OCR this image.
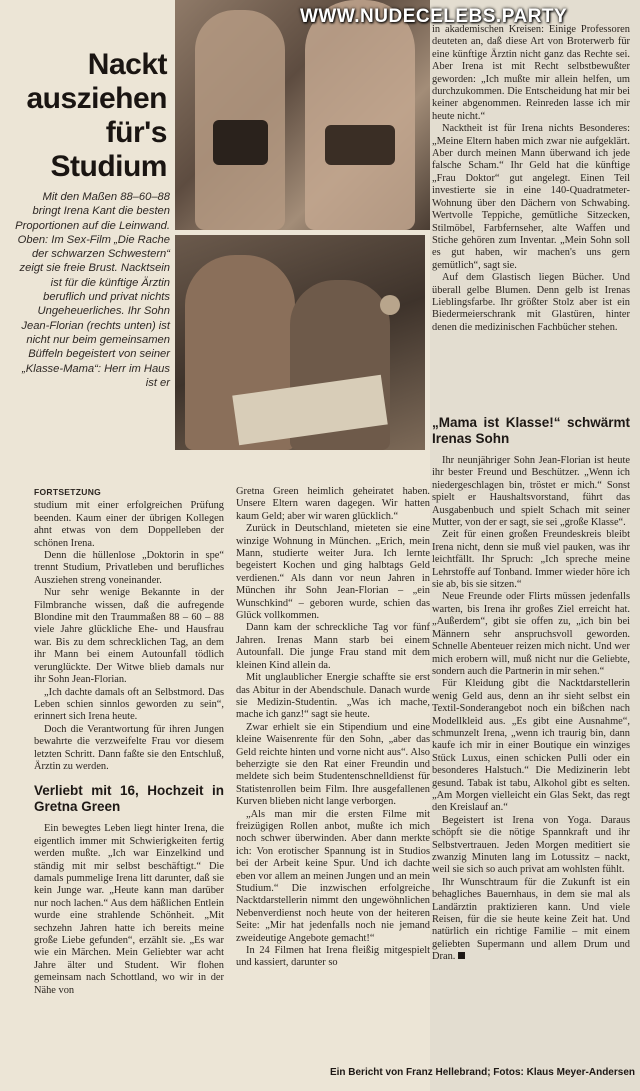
WWW.NUDECELEBS.PARTY
Nackt
ausziehen
für's
Studium
Mit den Maßen 88–60–88 bringt Irena Kant die besten Proportionen auf die Leinwand. Oben: Im Sex-Film „Die Rache der schwarzen Schwestern“ zeigt sie freie Brust. Nacktsein ist für die künftige Ärztin beruflich und privat nichts Ungeheuerliches. Ihr Sohn Jean-Florian (rechts unten) ist nicht nur beim gemeinsamen Büffeln begeistert von seiner „Klasse-Mama“: Herr im Haus ist er

in akademischen Kreisen: Einige Professoren deuteten an, daß diese Art von Broterwerb für eine künftige Ärztin nicht ganz das Rechte sei. Aber Irena ist mit Recht selbstbewußter geworden: „Ich mußte mir allein helfen, um durchzukommen. Die Entscheidung hat mir bei keiner abgenommen. Reinreden lasse ich mir heute nicht.“

Nacktheit ist für Irena nichts Besonderes: „Meine Eltern haben mich zwar nie aufgeklärt. Aber durch meinen Mann überwand ich jede falsche Scham.“ Ihr Geld hat die künftige „Frau Doktor“ gut angelegt. Einen Teil investierte sie in eine 140-Quadratmeter-Wohnung über den Dächern von Schwabing. Wertvolle Teppiche, gemütliche Sitzecken, Stilmöbel, Farbfernseher, alte Waffen und Stiche gehören zum Inventar. „Mein Sohn soll es gut haben, wir machen's uns gern gemütlich“, sagt sie.

Auf dem Glastisch liegen Bücher. Und überall gelbe Blumen. Denn gelb ist Irenas Lieblingsfarbe. Ihr größter Stolz aber ist ein Biedermeierschrank mit Glastüren, hinter denen die medizinischen Fachbücher stehen.

„Mama ist Klasse!“ schwärmt Irenas Sohn

Ihr neunjähriger Sohn Jean-Florian ist heute ihr bester Freund und Beschützer. „Wenn ich niedergeschlagen bin, tröstet er mich.“ Sonst spielt er Haushaltsvorstand, führt das Ausgabenbuch und spielt Schach mit seiner Mutter, von der er sagt, sie sei „große Klasse“.

Zeit für einen großen Freundeskreis bleibt Irena nicht, denn sie muß viel pauken, was ihr leichtfällt. Ihr Spruch: „Ich spreche meine Lehrstoffe auf Tonband. Immer wieder höre ich sie ab, bis sie sitzen.“

Neue Freunde oder Flirts müssen jedenfalls warten, bis Irena ihr großes Ziel erreicht hat. „Außerdem“, gibt sie offen zu, „ich bin bei Männern sehr anspruchsvoll geworden. Schnelle Abenteuer reizen mich nicht. Und wer mich erobern will, muß nicht nur die Geliebte, sondern auch die Partnerin in mir sehen.“

Für Kleidung gibt die Nacktdarstellerin wenig Geld aus, denn an ihr sieht selbst ein Textil-Sonderangebot noch ein bißchen nach Modellkleid aus. „Es gibt eine Ausnahme“, schmunzelt Irena, „wenn ich traurig bin, dann kaufe ich mir in einer Boutique ein winziges Stück Luxus, einen schicken Pulli oder ein besonderes Halstuch.“ Die Medizinerin lebt gesund. Tabak ist tabu, Alkohol gibt es selten. „Am Morgen vielleicht ein Glas Sekt, das regt den Kreislauf an.“

Begeistert ist Irena von Yoga. Daraus schöpft sie die nötige Spannkraft und ihr Selbstvertrauen. Jeden Morgen meditiert sie zwanzig Minuten lang im Lotussitz – nackt, weil sie sich so auch privat am wohlsten fühlt.

Ihr Wunschtraum für die Zukunft ist ein behagliches Bauernhaus, in dem sie mal als Landärztin praktizieren kann. Und viele Reisen, für die sie heute keine Zeit hat. Und natürlich ein richtige Familie – mit einem geliebten Supermann und allem Drum und Dran.

FORTSETZUNG

studium mit einer erfolgreichen Prüfung beenden. Kaum einer der übrigen Kollegen ahnt etwas von dem Doppelleben der schönen Irena.

Denn die hüllenlose „Doktorin in spe“ trennt Studium, Privatleben und berufliches Ausziehen streng voneinander.

Nur sehr wenige Bekannte in der Filmbranche wissen, daß die aufregende Blondine mit den Traummaßen 88 – 60 – 88 viele Jahre glückliche Ehe- und Hausfrau war. Bis zu dem schrecklichen Tag, an dem ihr Mann bei einem Autounfall tödlich verunglückte. Der Witwe blieb damals nur ihr Sohn Jean-Florian.

„Ich dachte damals oft an Selbstmord. Das Leben schien sinnlos geworden zu sein“, erinnert sich Irena heute.

Doch die Verantwortung für ihren Jungen bewahrte die verzweifelte Frau vor diesem letzten Schritt. Dann faßte sie den Entschluß, Ärztin zu werden.

Verliebt mit 16, Hochzeit in Gretna Green

Ein bewegtes Leben liegt hinter Irena, die eigentlich immer mit Schwierigkeiten fertig werden mußte. „Ich war Einzelkind und ständig mit mir selbst beschäftigt.“ Die damals pummelige Irena litt darunter, daß sie kein Junge war. „Heute kann man darüber nur noch lachen.“ Aus dem häßlichen Entlein wurde eine strahlende Schönheit. „Mit sechzehn Jahren hatte ich bereits meine große Liebe gefunden“, erzählt sie. „Es war wie ein Märchen. Mein Geliebter war acht Jahre älter und Student. Wir flohen gemeinsam nach Schottland, wo wir in der Nähe von

Gretna Green heimlich geheiratet haben. Unsere Eltern waren dagegen. Wir hatten kaum Geld; aber wir waren glücklich.“

Zurück in Deutschland, mieteten sie eine winzige Wohnung in München. „Erich, mein Mann, studierte weiter Jura. Ich lernte begeistert Kochen und ging halbtags Geld verdienen.“ Als dann vor neun Jahren in München ihr Sohn Jean-Florian – „ein Wunschkind“ – geboren wurde, schien das Glück vollkommen.

Dann kam der schreckliche Tag vor fünf Jahren. Irenas Mann starb bei einem Autounfall. Die junge Frau stand mit dem kleinen Kind allein da.

Mit unglaublicher Energie schaffte sie erst das Abitur in der Abendschule. Danach wurde sie Medizin-Studentin. „Was ich mache, mache ich ganz!“ sagt sie heute.

Zwar erhielt sie ein Stipendium und eine kleine Waisenrente für den Sohn, „aber das Geld reichte hinten und vorne nicht aus“. Also beherzigte sie den Rat einer Freundin und meldete sich beim Studentenschnelldienst für Statistenrollen beim Film. Ihre ausgefallenen Kurven blieben nicht lange verborgen.

„Als man mir die ersten Filme mit freizügigen Rollen anbot, mußte ich mich noch schwer überwinden. Aber dann merkte ich: Von erotischer Spannung ist in Studios bei der Arbeit keine Spur. Und ich dachte eben vor allem an meinen Jungen und an mein Studium.“ Die inzwischen erfolgreiche Nacktdarstellerin nimmt den ungewöhnlichen Nebenverdienst noch heute von der heiteren Seite: „Mir hat jedenfalls noch nie jemand zweideutige Angebote gemacht!“

In 24 Filmen hat Irena fleißig mitgespielt und kassiert, darunter so

Ein Bericht von Franz Hellebrand; Fotos: Klaus Meyer-Andersen
